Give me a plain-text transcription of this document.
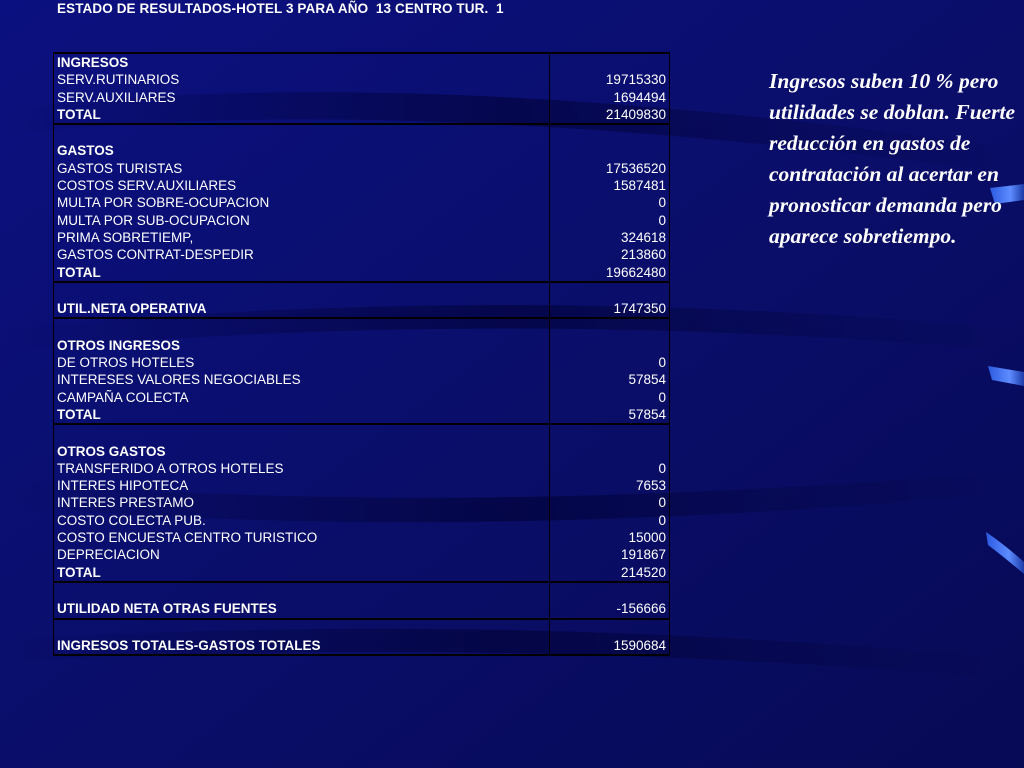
ESTADO DE RESULTADOS-HOTEL 3 PARA AÑO  13 CENTRO TUR.  1
INGRESOS	
SERV.RUTINARIOS	19715330
SERV.AUXILIARES	1694494
TOTAL	21409830

GASTOS	
GASTOS TURISTAS	17536520
COSTOS SERV.AUXILIARES	1587481
MULTA POR SOBRE-OCUPACION	0
MULTA POR SUB-OCUPACION	0
PRIMA SOBRETIEMP,	324618
GASTOS CONTRAT-DESPEDIR	213860
TOTAL	19662480

UTIL.NETA OPERATIVA	1747350

OTROS INGRESOS	
DE OTROS HOTELES	0
INTERESES VALORES NEGOCIABLES	57854
CAMPAÑA COLECTA	0
TOTAL	57854

OTROS GASTOS	
TRANSFERIDO A OTROS HOTELES	0
INTERES HIPOTECA	7653
INTERES PRESTAMO	0
COSTO COLECTA PUB.	0
COSTO ENCUESTA CENTRO TURISTICO	15000
DEPRECIACION	191867
TOTAL	214520

UTILIDAD NETA OTRAS FUENTES	-156666

INGRESOS TOTALES-GASTOS TOTALES	1590684
Ingresos suben 10 % pero utilidades se doblan. Fuerte reducción en gastos de contratación al acertar en pronosticar demanda pero aparece sobretiempo.
